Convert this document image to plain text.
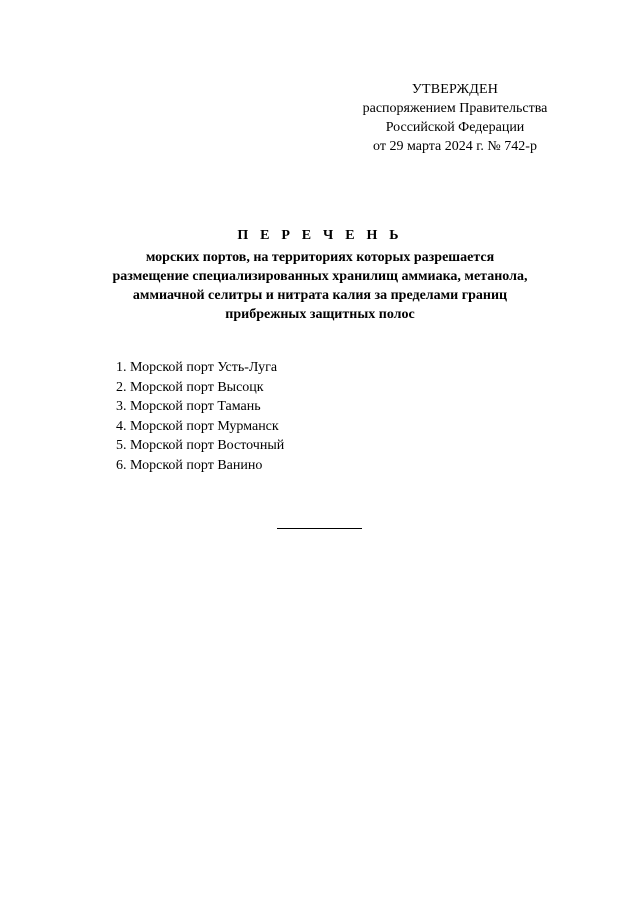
УТВЕРЖДЕН
распоряжением Правительства
Российской Федерации
от 29 марта 2024 г. № 742-р
П Е Р Е Ч Е Н Ь
морских портов, на территориях которых разрешается
размещение специализированных хранилищ аммиака, метанола,
аммиачной селитры и нитрата калия за пределами границ
прибрежных защитных полос
1. Морской порт Усть-Луга
2. Морской порт Высоцк
3. Морской порт Тамань
4. Морской порт Мурманск
5. Морской порт Восточный
6. Морской порт Ванино
